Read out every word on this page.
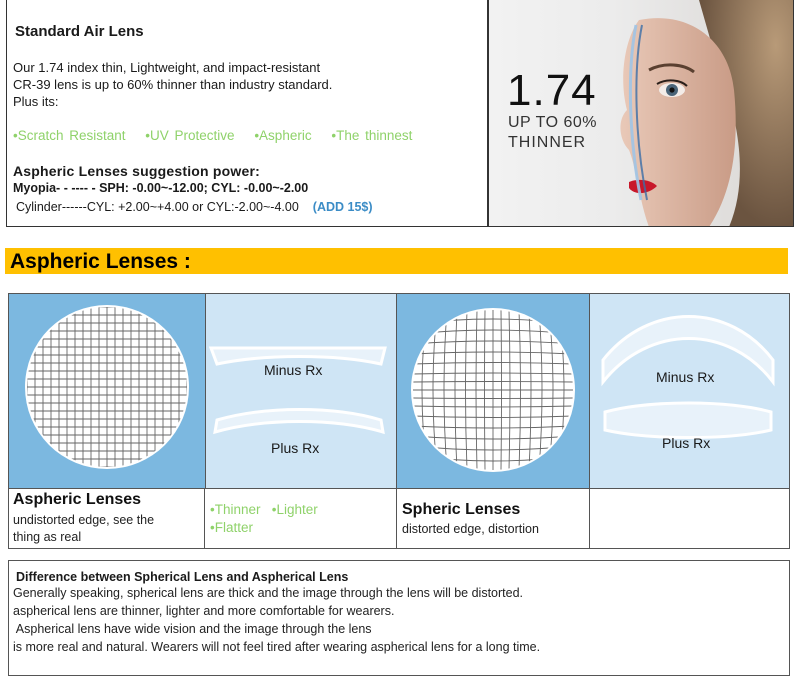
Standard Air Lens
Our 1.74 index thin, Lightweight, and impact-resistant
CR-39 lens is up to 60% thinner than industry standard.
Plus its:
•Scratch Resistant •UV Protective •Aspheric •The thinnest
Aspheric Lenses suggestion power:
Myopia- - ---- - SPH: -0.00~-12.00; CYL: -0.00~-2.00
Cylinder------CYL: +2.00~+4.00 or CYL:-2.00~-4.00 (ADD 15$)
1.74
UP TO 60%
THINNER
Aspheric Lenses :
Minus Rx
Plus Rx
Minus Rx
Plus Rx
Aspheric Lenses
undistorted edge, see the
thing as real
•Thinner •Lighter
•Flatter
Spheric Lenses
distorted edge, distortion
Difference between Spherical Lens and Aspherical Lens
Generally speaking, spherical lens are thick and the image through the lens will be distorted.
aspherical lens are thinner, lighter and more comfortable for wearers.
Aspherical lens have wide vision and the image through the lens
is more real and natural. Wearers will not feel tired after wearing aspherical lens for a long time.
